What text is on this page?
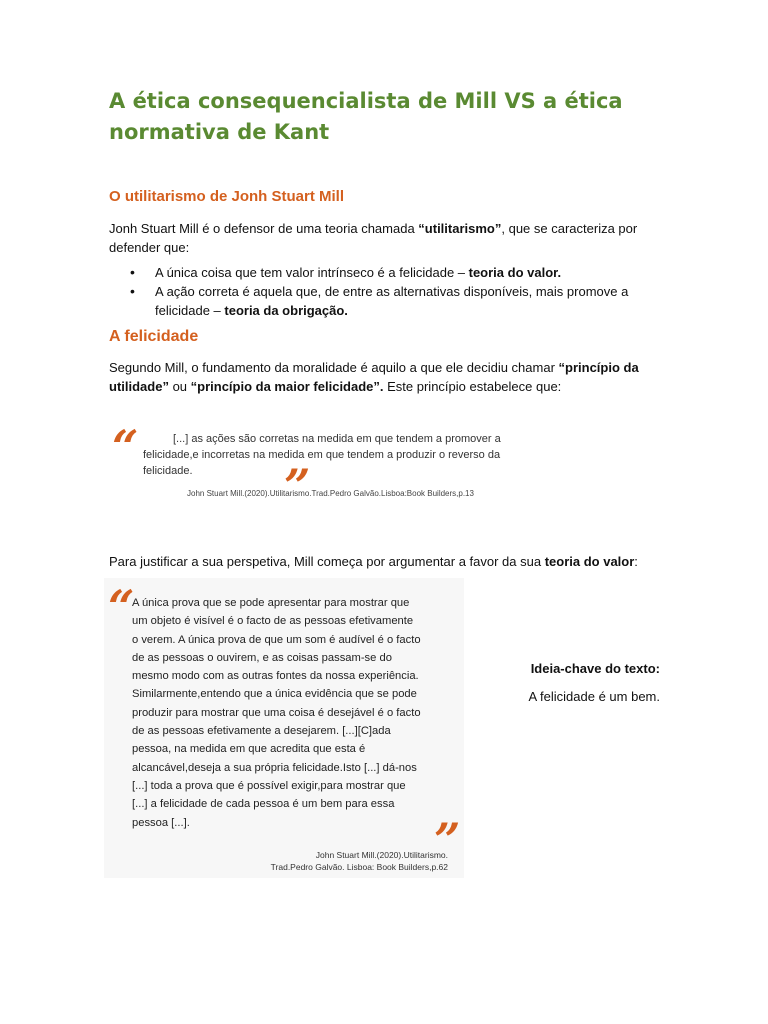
A ética consequencialista de Mill VS a ética normativa de Kant
O utilitarismo de Jonh Stuart Mill

Jonh Stuart Mill é o defensor de uma teoria chamada “utilitarismo”, que se caracteriza por defender que:

• A única coisa que tem valor intrínseco é a felicidade – teoria do valor.
• A ação correta é aquela que, de entre as alternativas disponíveis, mais promove a felicidade – teoria da obrigação.
A felicidade

Segundo Mill, o fundamento da moralidade é aquilo a que ele decidiu chamar “princípio da utilidade” ou “princípio da maior felicidade”. Este princípio estabelece que:

“	[...] as ações são corretas na medida em que tendem a promover a felicidade,e incorretas na medida em que tendem a produzir o reverso da felicidade.	”

John Stuart Mill.(2020).Utilitarismo.Trad.Pedro Galvão.Lisboa:Book Builders,p.13

Para justificar a sua perspetiva, Mill começa por argumentar a favor da sua teoria do valor:

“

A única prova que se pode apresentar para mostrar que um objeto é visível é o facto de as pessoas efetivamente o verem. A única prova de que um som é audível é o facto de as pessoas o ouvirem, e as coisas passam-se do mesmo modo com as outras fontes da nossa experiência. Similarmente,entendo que a única evidência que se pode produzir para mostrar que uma coisa é desejável é o facto de as pessoas efetivamente a desejarem. [...][C]ada pessoa, na medida em que acredita que esta é alcancável,deseja a sua própria felicidade.Isto [...] dá-nos [...] toda a prova que é possível exigir,para mostrar que [...] a felicidade de cada pessoa é um bem para essa pessoa [...].	”
John Stuart Mill.(2020).Utilitarismo.
Trad.Pedro Galvão. Lisboa: Book Builders,p.62
Ideia-chave do texto:
A felicidade é um bem.
